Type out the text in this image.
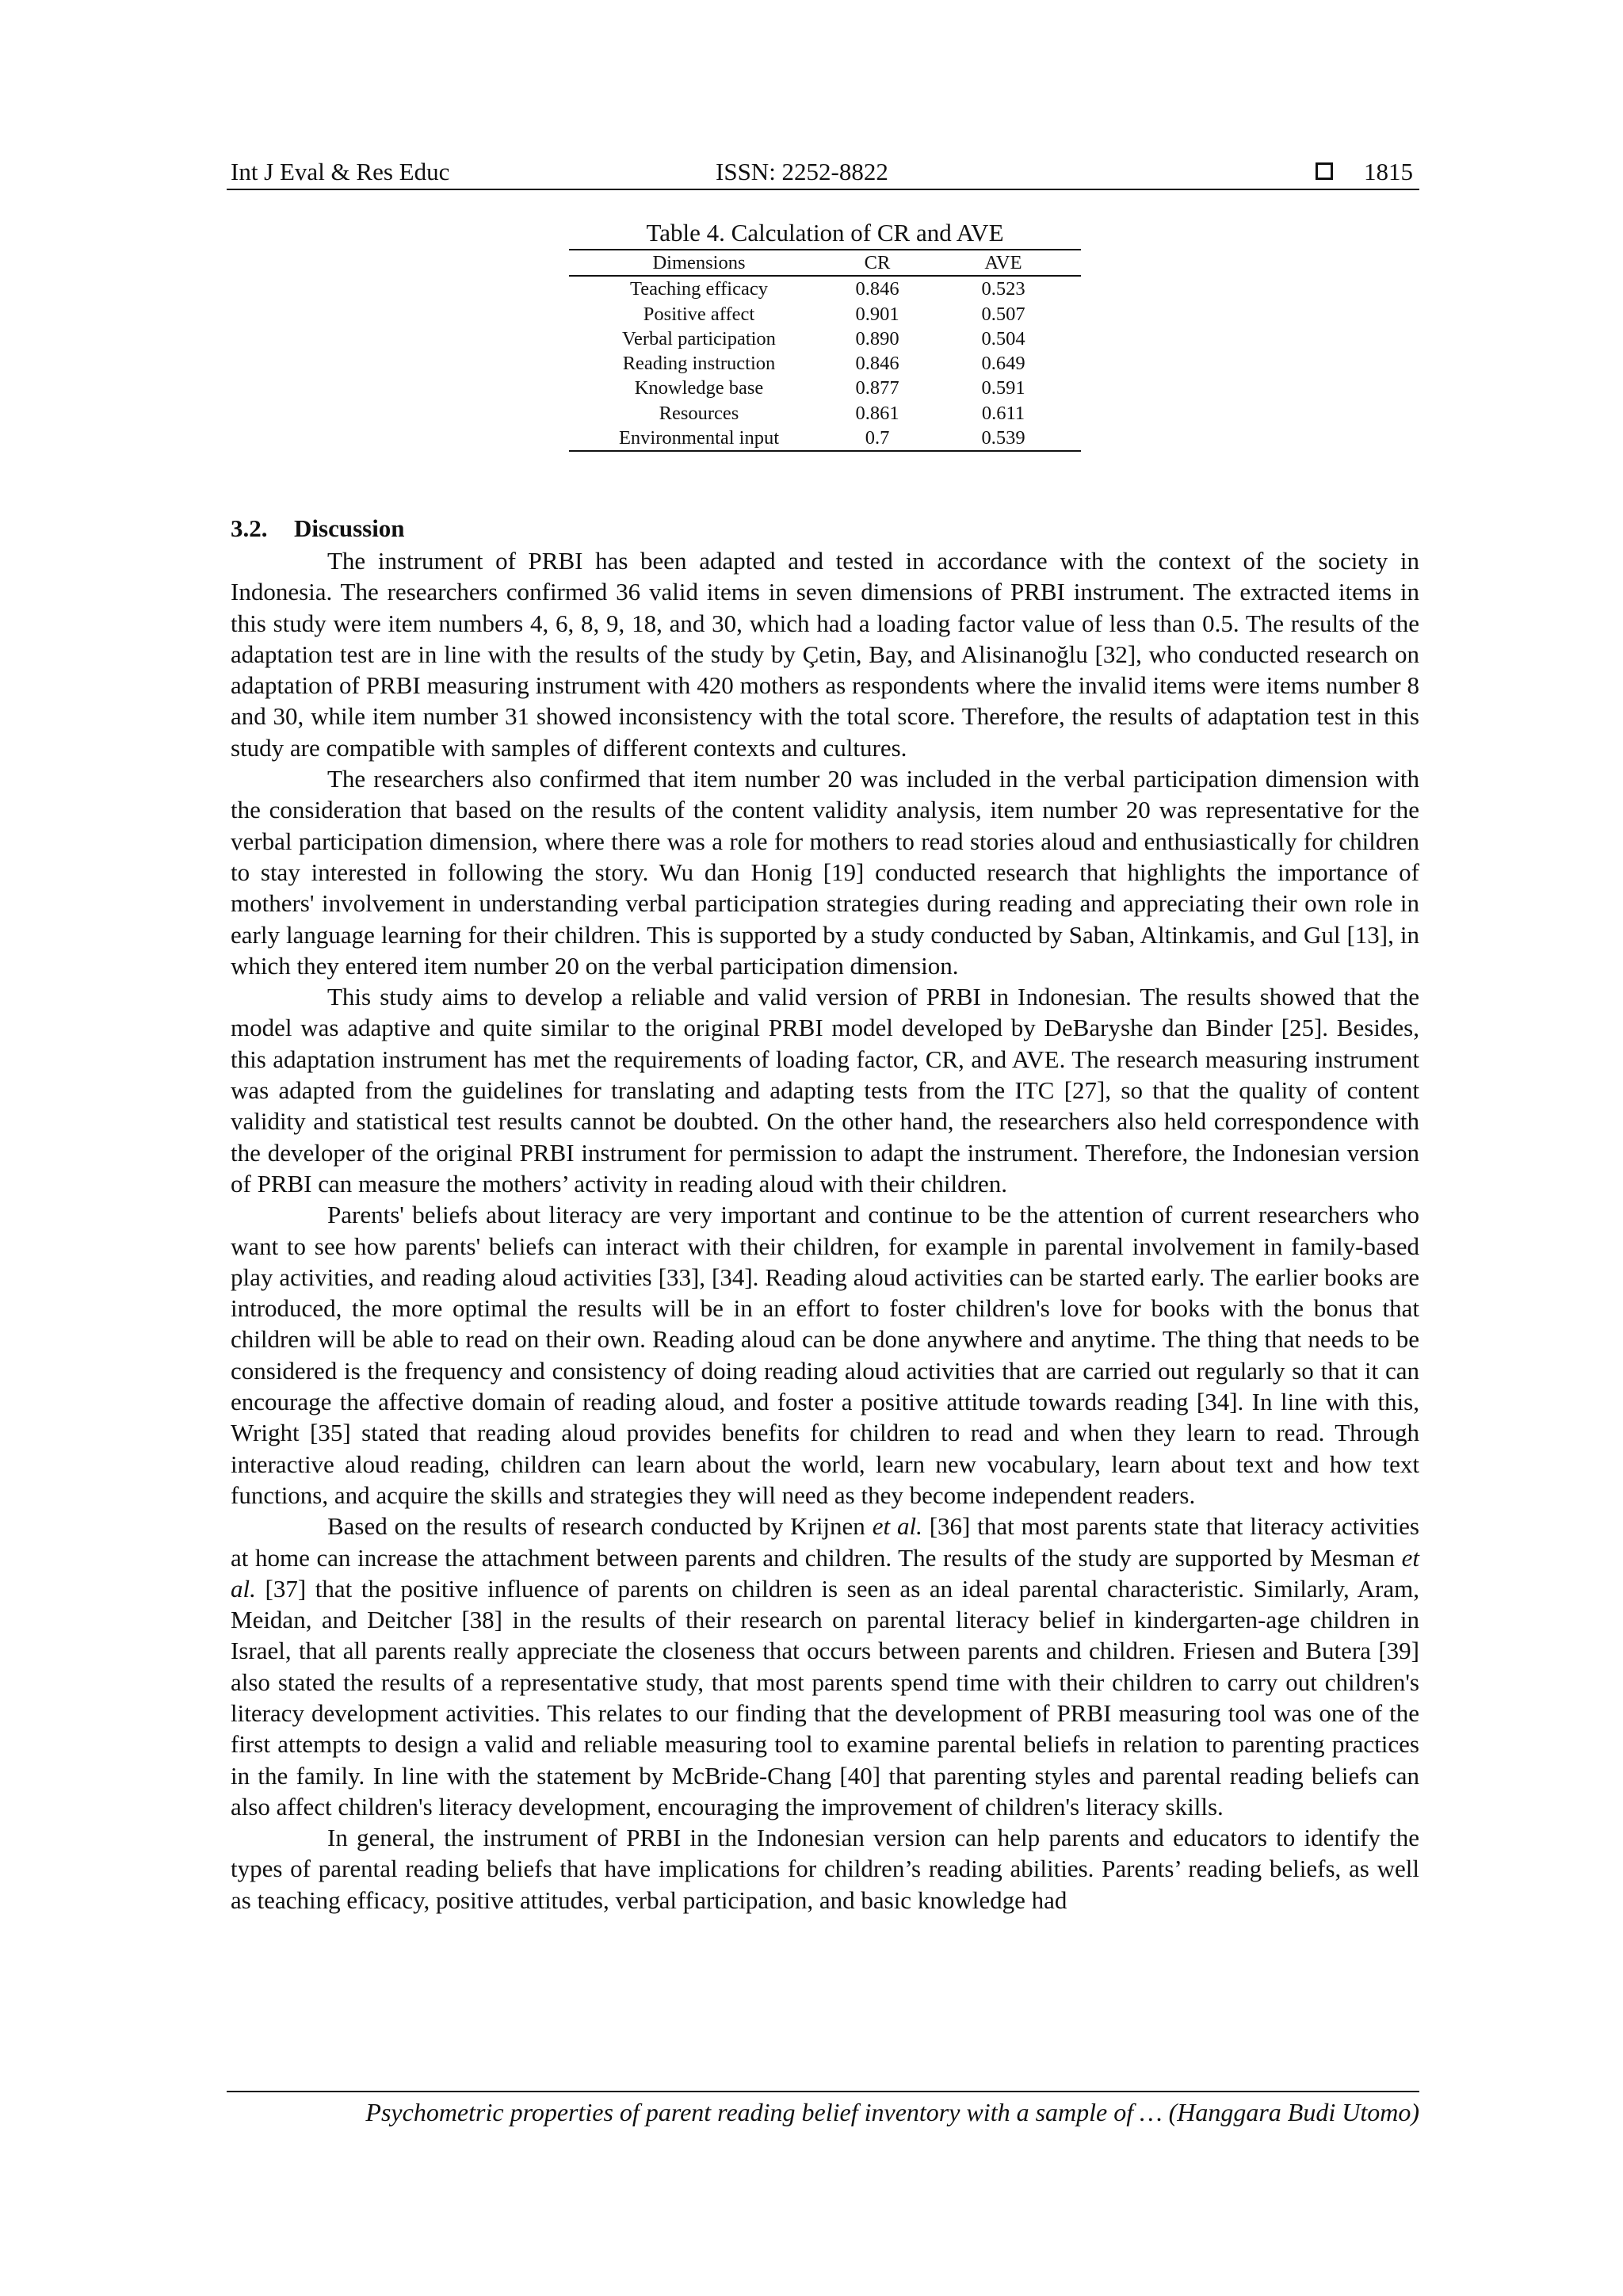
Int J Eval & Res Educ	ISSN: 2252-8822	1815
Table 4. Calculation of CR and AVE
Dimensions	CR	AVE
Teaching efficacy	0.846	0.523
Positive affect	0.901	0.507
Verbal participation	0.890	0.504
Reading instruction	0.846	0.649
Knowledge base	0.877	0.591
Resources	0.861	0.611
Environmental input	0.7	0.539
3.2. Discussion

The instrument of PRBI has been adapted and tested in accordance with the context of the society in Indonesia. The researchers confirmed 36 valid items in seven dimensions of PRBI instrument. The extracted items in this study were item numbers 4, 6, 8, 9, 18, and 30, which had a loading factor value of less than 0.5. The results of the adaptation test are in line with the results of the study by Çetin, Bay, and Alisinanoğlu [32], who conducted research on adaptation of PRBI measuring instrument with 420 mothers as respondents where the invalid items were items number 8 and 30, while item number 31 showed inconsistency with the total score. Therefore, the results of adaptation test in this study are compatible with samples of different contexts and cultures.

The researchers also confirmed that item number 20 was included in the verbal participation dimension with the consideration that based on the results of the content validity analysis, item number 20 was representative for the verbal participation dimension, where there was a role for mothers to read stories aloud and enthusiastically for children to stay interested in following the story. Wu dan Honig [19] conducted research that highlights the importance of mothers' involvement in understanding verbal participation strategies during reading and appreciating their own role in early language learning for their children. This is supported by a study conducted by Saban, Altinkamis, and Gul [13], in which they entered item number 20 on the verbal participation dimension.

This study aims to develop a reliable and valid version of PRBI in Indonesian. The results showed that the model was adaptive and quite similar to the original PRBI model developed by DeBaryshe dan Binder [25]. Besides, this adaptation instrument has met the requirements of loading factor, CR, and AVE. The research measuring instrument was adapted from the guidelines for translating and adapting tests from the ITC [27], so that the quality of content validity and statistical test results cannot be doubted. On the other hand, the researchers also held correspondence with the developer of the original PRBI instrument for permission to adapt the instrument. Therefore, the Indonesian version of PRBI can measure the mothers’ activity in reading aloud with their children.

Parents' beliefs about literacy are very important and continue to be the attention of current researchers who want to see how parents' beliefs can interact with their children, for example in parental involvement in family-based play activities, and reading aloud activities [33], [34]. Reading aloud activities can be started early. The earlier books are introduced, the more optimal the results will be in an effort to foster children's love for books with the bonus that children will be able to read on their own. Reading aloud can be done anywhere and anytime. The thing that needs to be considered is the frequency and consistency of doing reading aloud activities that are carried out regularly so that it can encourage the affective domain of reading aloud, and foster a positive attitude towards reading [34]. In line with this, Wright [35] stated that reading aloud provides benefits for children to read and when they learn to read. Through interactive aloud reading, children can learn about the world, learn new vocabulary, learn about text and how text functions, and acquire the skills and strategies they will need as they become independent readers.

Based on the results of research conducted by Krijnen et al. [36] that most parents state that literacy activities at home can increase the attachment between parents and children. The results of the study are supported by Mesman et al. [37] that the positive influence of parents on children is seen as an ideal parental characteristic. Similarly, Aram, Meidan, and Deitcher [38] in the results of their research on parental literacy belief in kindergarten-age children in Israel, that all parents really appreciate the closeness that occurs between parents and children. Friesen and Butera [39] also stated the results of a representative study, that most parents spend time with their children to carry out children's literacy development activities. This relates to our finding that the development of PRBI measuring tool was one of the first attempts to design a valid and reliable measuring tool to examine parental beliefs in relation to parenting practices in the family. In line with the statement by McBride-Chang [40] that parenting styles and parental reading beliefs can also affect children's literacy development, encouraging the improvement of children's literacy skills.

In general, the instrument of PRBI in the Indonesian version can help parents and educators to identify the types of parental reading beliefs that have implications for children’s reading abilities. Parents’ reading beliefs, as well as teaching efficacy, positive attitudes, verbal participation, and basic knowledge had

Psychometric properties of parent reading belief inventory with a sample of … (Hanggara Budi Utomo)
